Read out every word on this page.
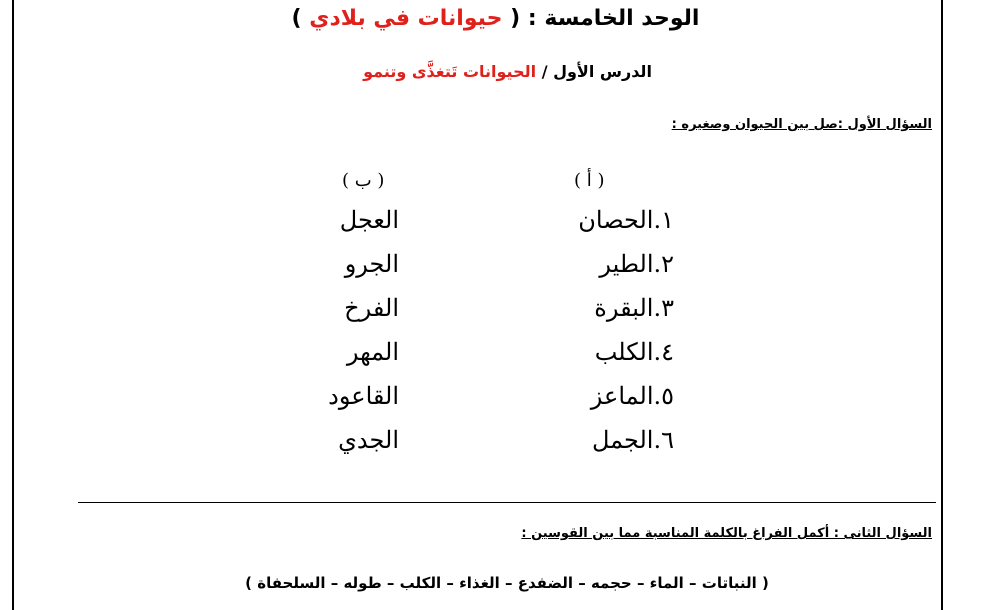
الوحد الخامسة : ( حيوانات في بلادي )
الدرس الأول / الحيوانات تَتغذَّى وتنمو
السؤال الأول :صل بين الحيوان وصغيره :
( أ )
( ب )
١.الحصان
٢.الطير
٣.البقرة
٤.الكلب
٥.الماعز
٦.الجمل
العجل
الجرو
الفرخ
المهر
القاعود
الجدي
السؤال الثانى : أكمل الفراغ بالكلمة المناسبة مما بين القوسين :
( النباتات – الماء – حجمه – الضفدع – الغذاء – الكلب – طوله – السلحفاة )
